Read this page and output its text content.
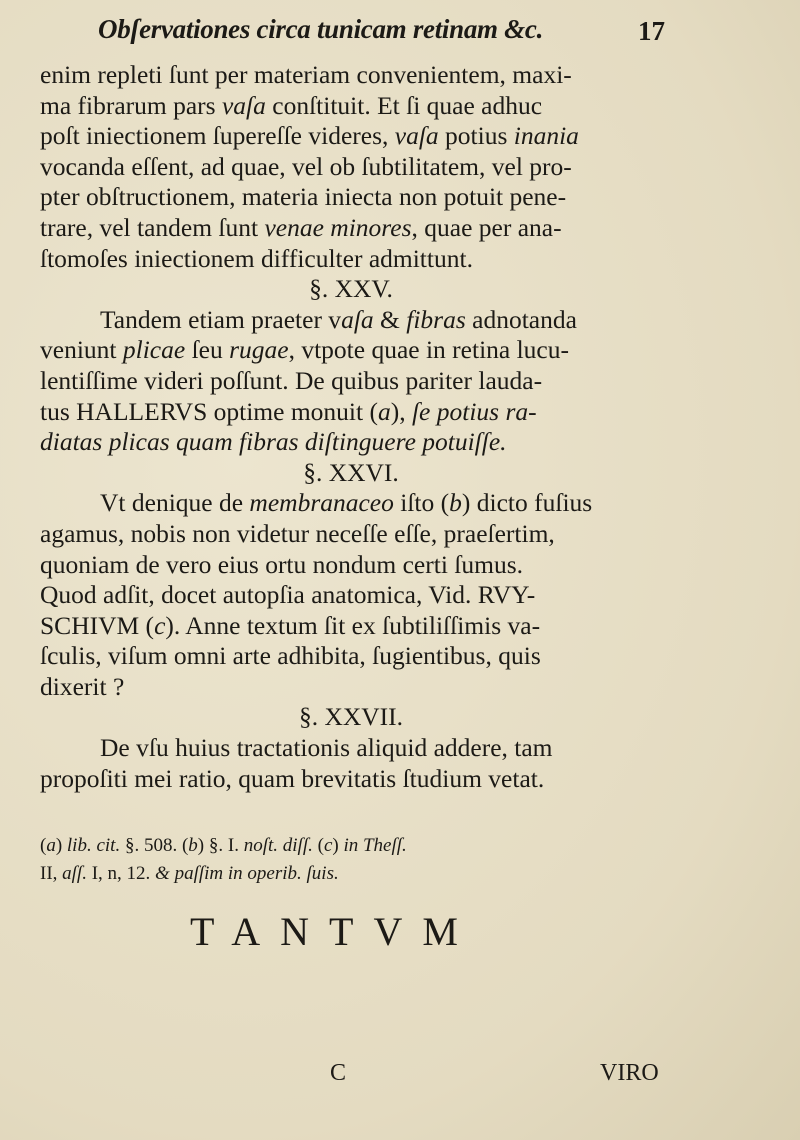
Obſervationes circa tunicam retinam &c.	17
enim repleti ſunt per materiam convenientem, maxi-
ma fibrarum pars vaſa conſtituit. Et ſi quae adhuc
poſt iniectionem ſupereſſe videres, vaſa potius inania
vocanda eſſent, ad quae, vel ob ſubtilitatem, vel pro-
pter obſtructionem, materia iniecta non potuit pene-
trare, vel tandem ſunt venae minores, quae per ana-
ſtomoſes iniectionem difficulter admittunt.
§. XXV.
Tandem etiam praeter vaſa & fibras adnotanda
veniunt plicae ſeu rugae, vtpote quae in retina lucu-
lentiſſime videri poſſunt. De quibus pariter lauda-
tus HALLERVS optime monuit (a), ſe potius ra-
diatas plicas quam fibras diſtinguere potuiſſe.
§. XXVI.
Vt denique de membranaceo iſto (b) dicto fuſius
agamus, nobis non videtur neceſſe eſſe, praeſertim,
quoniam de vero eius ortu nondum certi ſumus.
Quod adſit, docet autopſia anatomica, Vid. RVY-
SCHIVM (c). Anne textum ſit ex ſubtiliſſimis va-
ſculis, viſum omni arte adhibita, ſugientibus, quis
dixerit ?
§. XXVII.
De vſu huius tractationis aliquid addere, tam
propoſiti mei ratio, quam brevitatis ſtudium vetat.
(a) lib. cit. §. 508. (b) §. I. noſt. diſſ. (c) in Theſſ.
II, aſſ. I, n, 12. & paſſim in operib. ſuis.
TANTVM
C	VIRO
